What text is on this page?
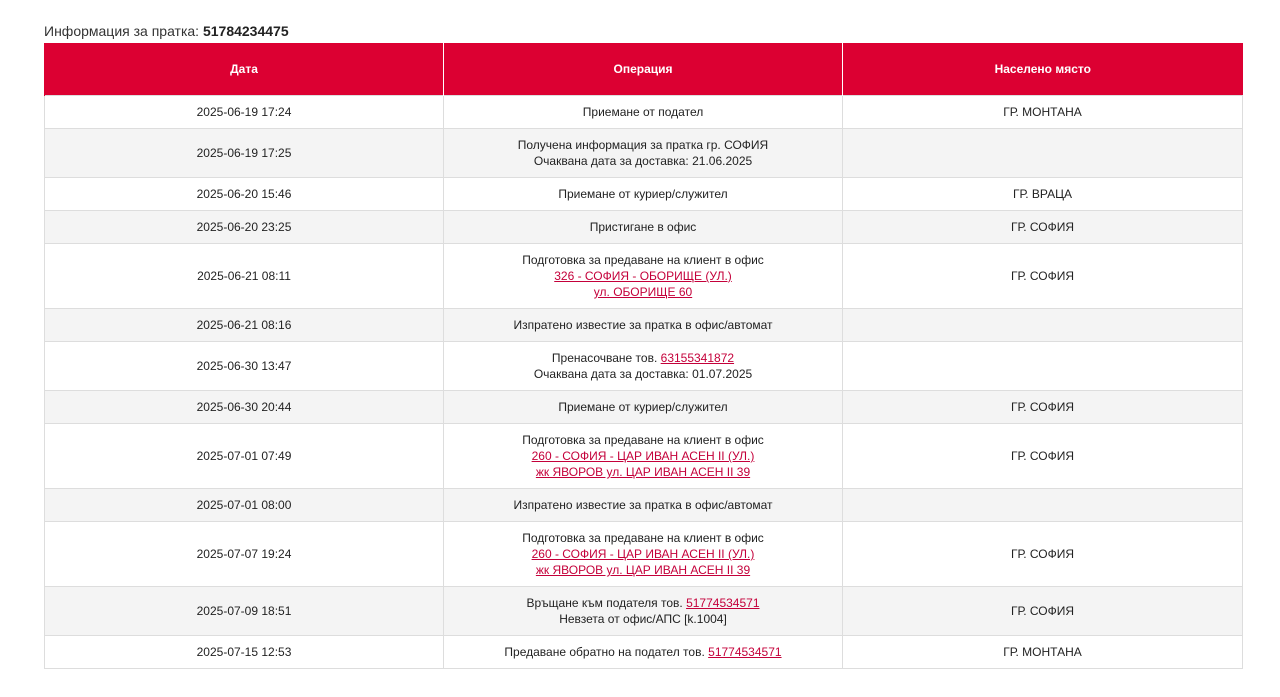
Информация за пратка: 51784234475
Дата	Операция	Населено място
2025-06-19 17:24	Приемане от подател	ГР. МОНТАНА
2025-06-19 17:25	Получена информация за пратка гр. СОФИЯ
Очаквана дата за доставка: 21.06.2025	

2025-06-20 15:46	Приемане от куриер/служител	ГР. ВРАЦА
2025-06-20 23:25	Пристигане в офис	ГР. СОФИЯ
2025-06-21 08:11	Подготовка за предаване на клиент в офис
326 - СОФИЯ - ОБОРИЩЕ (УЛ.)
ул. ОБОРИЩЕ 60	ГР. СОФИЯ
2025-06-21 08:16	Изпратено известие за пратка в офис/автомат	

2025-06-30 13:47	Пренасочване тов. 63155341872
Очаквана дата за доставка: 01.07.2025	

2025-06-30 20:44	Приемане от куриер/служител	ГР. СОФИЯ
2025-07-01 07:49	Подготовка за предаване на клиент в офис
260 - СОФИЯ - ЦАР ИВАН АСЕН II (УЛ.)
жк ЯВОРОВ ул. ЦАР ИВАН АСЕН II 39	ГР. СОФИЯ
2025-07-01 08:00	Изпратено известие за пратка в офис/автомат	

2025-07-07 19:24	Подготовка за предаване на клиент в офис
260 - СОФИЯ - ЦАР ИВАН АСЕН II (УЛ.)
жк ЯВОРОВ ул. ЦАР ИВАН АСЕН II 39	ГР. СОФИЯ
2025-07-09 18:51	Връщане към подателя тов. 51774534571
Невзета от офис/АПС [k.1004]	ГР. СОФИЯ
2025-07-15 12:53	Предаване обратно на подател тов. 51774534571	ГР. МОНТАНА
